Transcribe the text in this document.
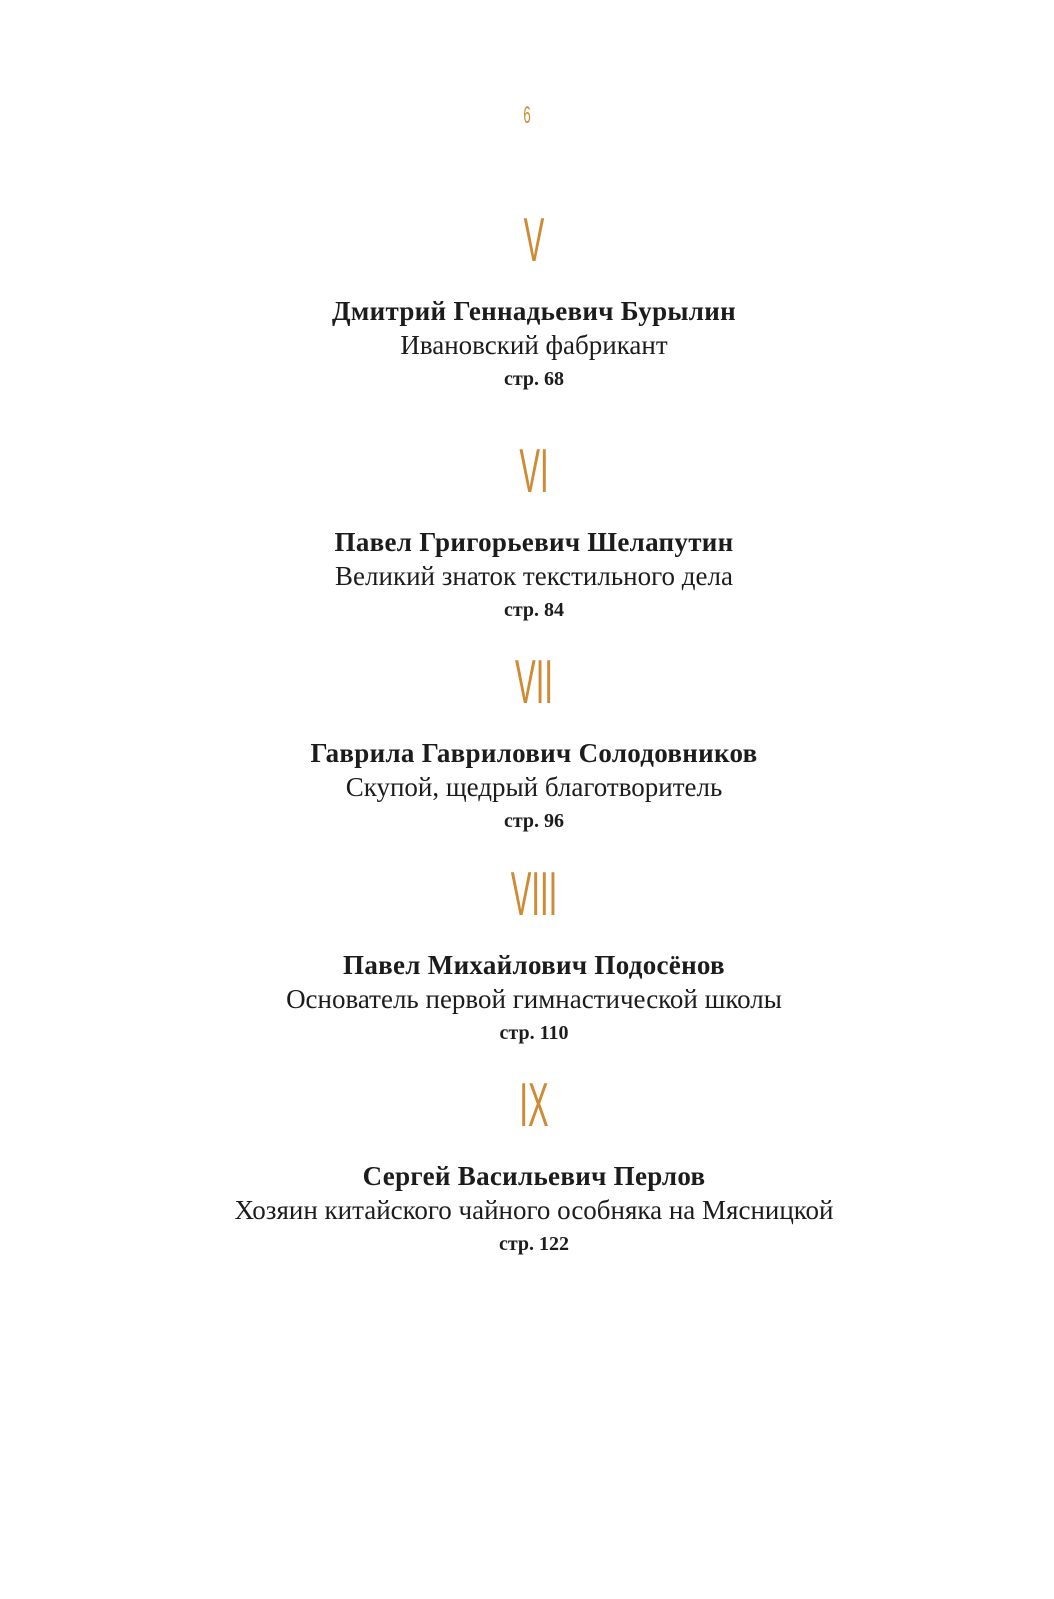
6
V
Дмитрий Геннадьевич Бурылин
Ивановский фабрикант
стр. 68
VI
Павел Григорьевич Шелапутин
Великий знаток текстильного дела
стр. 84
VII
Гаврила Гаврилович Солодовников
Скупой, щедрый благотворитель
стр. 96
VIII
Павел Михайлович Подосёнов
Основатель первой гимнастической школы
стр. 110
IX
Сергей Васильевич Перлов
Хозяин китайского чайного особняка на Мясницкой
стр. 122
